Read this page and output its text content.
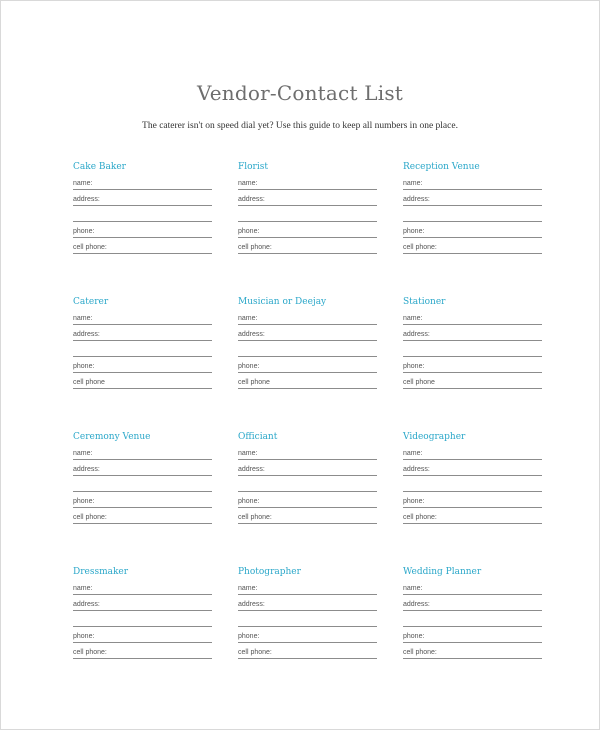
Vendor-Contact List
The caterer isn't on speed dial yet? Use this guide to keep all numbers in one place.
Cake Baker
name:
address:
phone:
cell phone:
Florist
name:
address:
phone:
cell phone:
Reception Venue
name:
address:
phone:
cell phone:
Caterer
name:
address:
phone:
cell phone
Musician or Deejay
name:
address:
phone:
cell phone
Stationer
name:
address:
phone:
cell phone
Ceremony Venue
name:
address:
phone:
cell phone:
Officiant
name:
address:
phone:
cell phone:
Videographer
name:
address:
phone:
cell phone:
Dressmaker
name:
address:
phone:
cell phone:
Photographer
name:
address:
phone:
cell phone:
Wedding Planner
name:
address:
phone:
cell phone:
